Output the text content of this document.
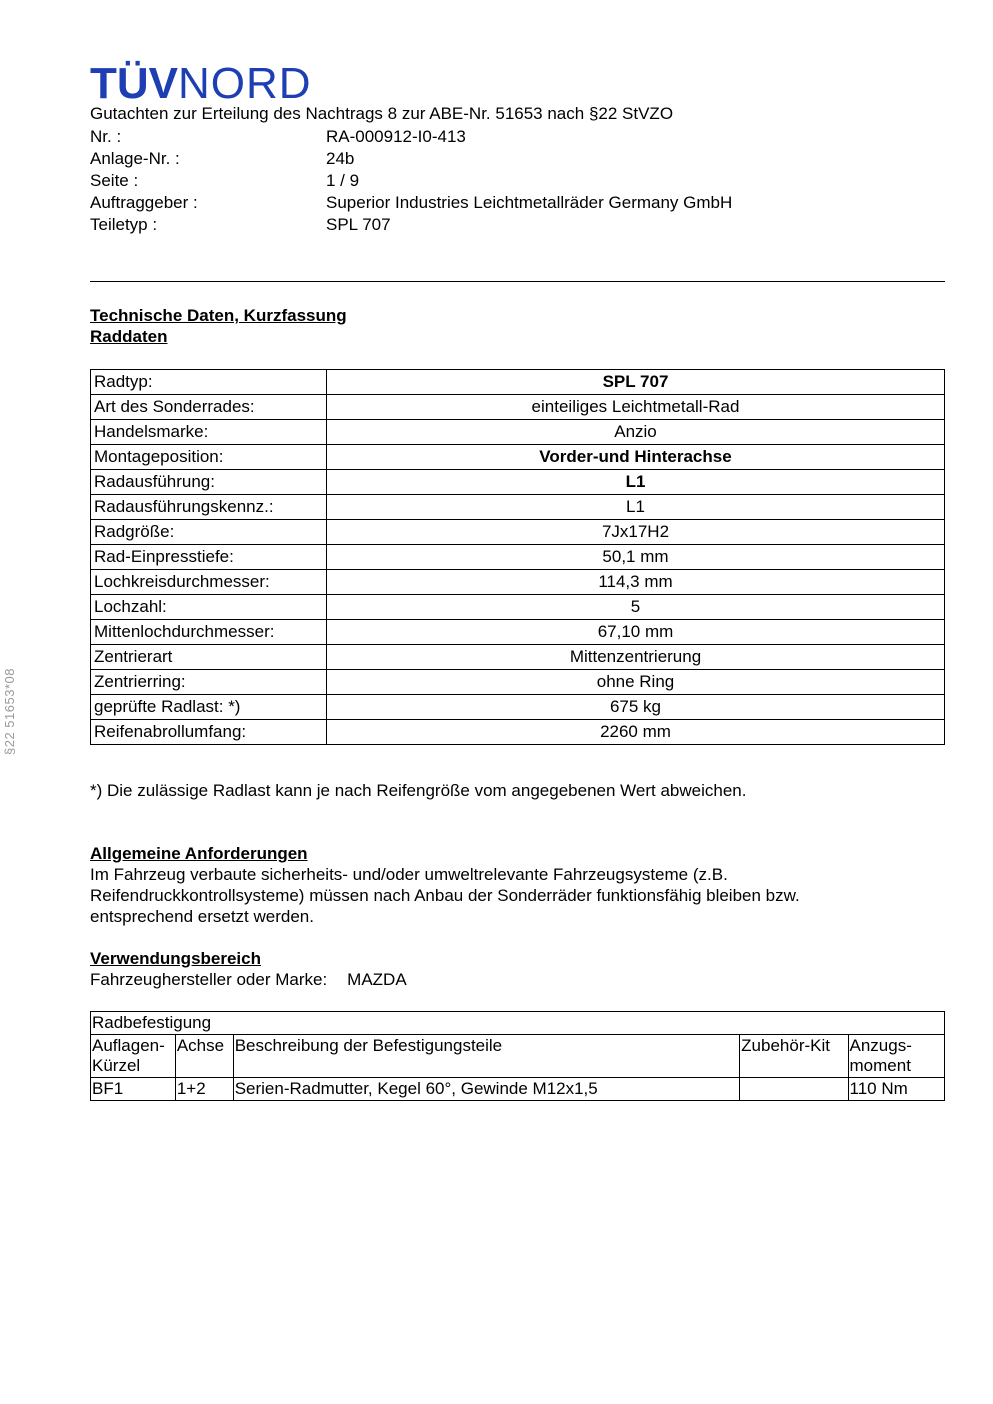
TÜVNORD
Gutachten zur Erteilung des Nachtrags 8 zur ABE-Nr. 51653 nach §22 StVZO
Nr. :	RA-000912-I0-413
Anlage-Nr. :	24b
Seite :	1 / 9
Auftraggeber :	Superior Industries Leichtmetallräder Germany GmbH
Teiletyp :	SPL 707
§22 51653*08
Technische Daten, Kurzfassung
Raddaten
Radtyp:	SPL 707
Art des Sonderrades:	einteiliges Leichtmetall-Rad
Handelsmarke:	Anzio
Montageposition:	Vorder-und Hinterachse
Radausführung:	L1
Radausführungskennz.:	L1
Radgröße:	7Jx17H2
Rad-Einpresstiefe:	50,1 mm
Lochkreisdurchmesser:	114,3 mm
Lochzahl:	5
Mittenlochdurchmesser:	67,10 mm
Zentrierart	Mittenzentrierung
Zentrierring:	ohne Ring
geprüfte Radlast: *)	675 kg
Reifenabrollumfang:	2260 mm
*) Die zulässige Radlast kann je nach Reifengröße vom angegebenen Wert abweichen.
Allgemeine Anforderungen
Im Fahrzeug verbaute sicherheits- und/oder umweltrelevante Fahrzeugsysteme (z.B. Reifendruckkontrollsysteme) müssen nach Anbau der Sonderräder funktionsfähig bleiben bzw. entsprechend ersetzt werden.
Verwendungsbereich
Fahrzeughersteller oder Marke: MAZDA
Radbefestigung				
Auflagen-Kürzel	Achse	Beschreibung der Befestigungsteile	Zubehör-Kit	Anzugs-moment
BF1	1+2	Serien-Radmutter, Kegel 60°, Gewinde M12x1,5		110 Nm
